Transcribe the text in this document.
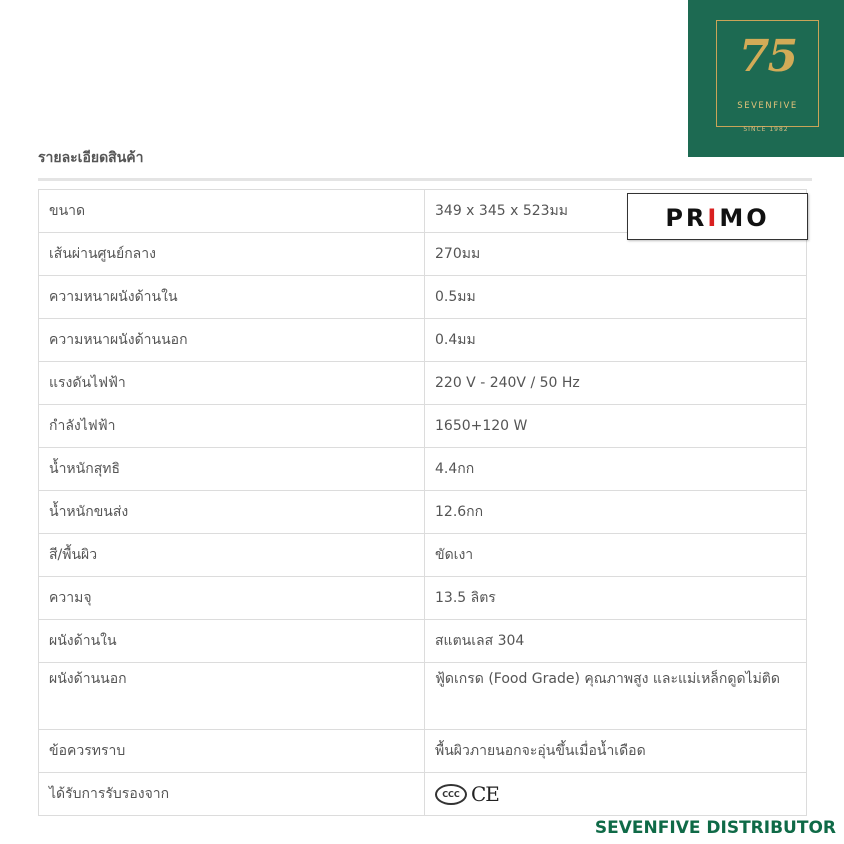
75
SEVENFIVE
SINCE 1982
รายละเอียดสินค้า
ขนาด	349 x 345 x 523มม
เส้นผ่านศูนย์กลาง	270มม
ความหนาผนังด้านใน	0.5มม
ความหนาผนังด้านนอก	0.4มม
แรงดันไฟฟ้า	220 V - 240V / 50 Hz
กำลังไฟฟ้า	1650+120 W
น้ำหนักสุทธิ	4.4กก
น้ำหนักขนส่ง	12.6กก
สี/พื้นผิว	ขัดเงา
ความจุ	13.5 ลิตร
ผนังด้านใน	สแตนเลส 304
ผนังด้านนอก	ฟู้ดเกรด (Food Grade) คุณภาพสูง และแม่เหล็กดูดไม่ติด
ข้อควรทราบ	พื้นผิวภายนอกจะอุ่นขึ้นเมื่อน้ำเดือด
ได้รับการรับรองจาก	CCC CE
PRIMO
SEVENFIVE DISTRIBUTOR
